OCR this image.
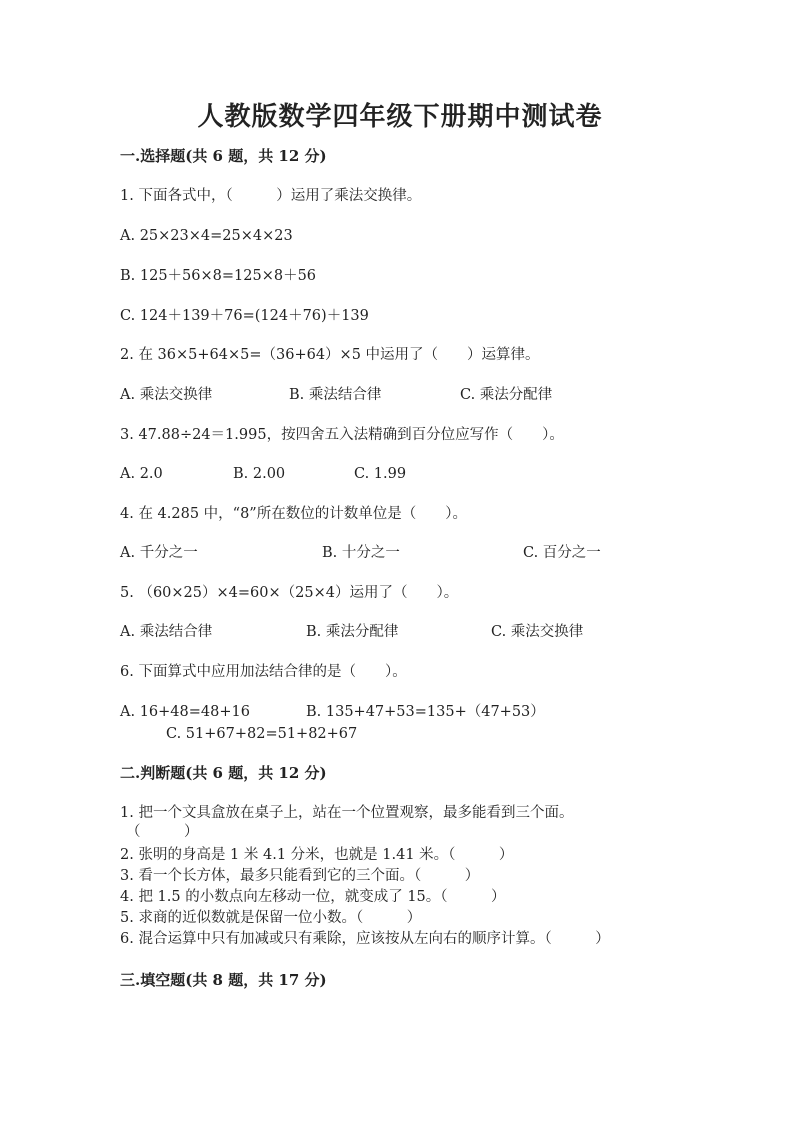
人教版数学四年级下册期中测试卷
一.选择题(共 6 题，共 12 分)
1. 下面各式中，（　　　）运用了乘法交换律。
A. 25×23×4=25×4×23
B. 125＋56×8=125×8＋56
C. 124＋139＋76=(124＋76)＋139
2. 在 36×5+64×5=（36+64）×5 中运用了（　　）运算律。
A. 乘法交换律	B. 乘法结合律	C. 乘法分配律
3. 47.88÷24＝1.995，按四舍五入法精确到百分位应写作（　　）。
A. 2.0	B. 2.00	C. 1.99
4. 在 4.285 中，“8”所在数位的计数单位是（　　）。
A. 千分之一	B. 十分之一	C. 百分之一
5. （60×25）×4=60×（25×4）运用了（　　）。
A. 乘法结合律	B. 乘法分配律	C. 乘法交换律
6. 下面算式中应用加法结合律的是（　　）。
A. 16+48=48+16	B. 135+47+53=135+（47+53）
C. 51+67+82=51+82+67
二.判断题(共 6 题，共 12 分)
1. 把一个文具盒放在桌子上，站在一个位置观察，最多能看到三个面。
（　　　）
2. 张明的身高是 1 米 4.1 分米，也就是 1.41 米。（　　　）
3. 看一个长方体，最多只能看到它的三个面。（　　　）
4. 把 1.5 的小数点向左移动一位，就变成了 15。（　　　）
5. 求商的近似数就是保留一位小数。（　　　）
6. 混合运算中只有加减或只有乘除，应该按从左向右的顺序计算。（　　　）
三.填空题(共 8 题，共 17 分)
